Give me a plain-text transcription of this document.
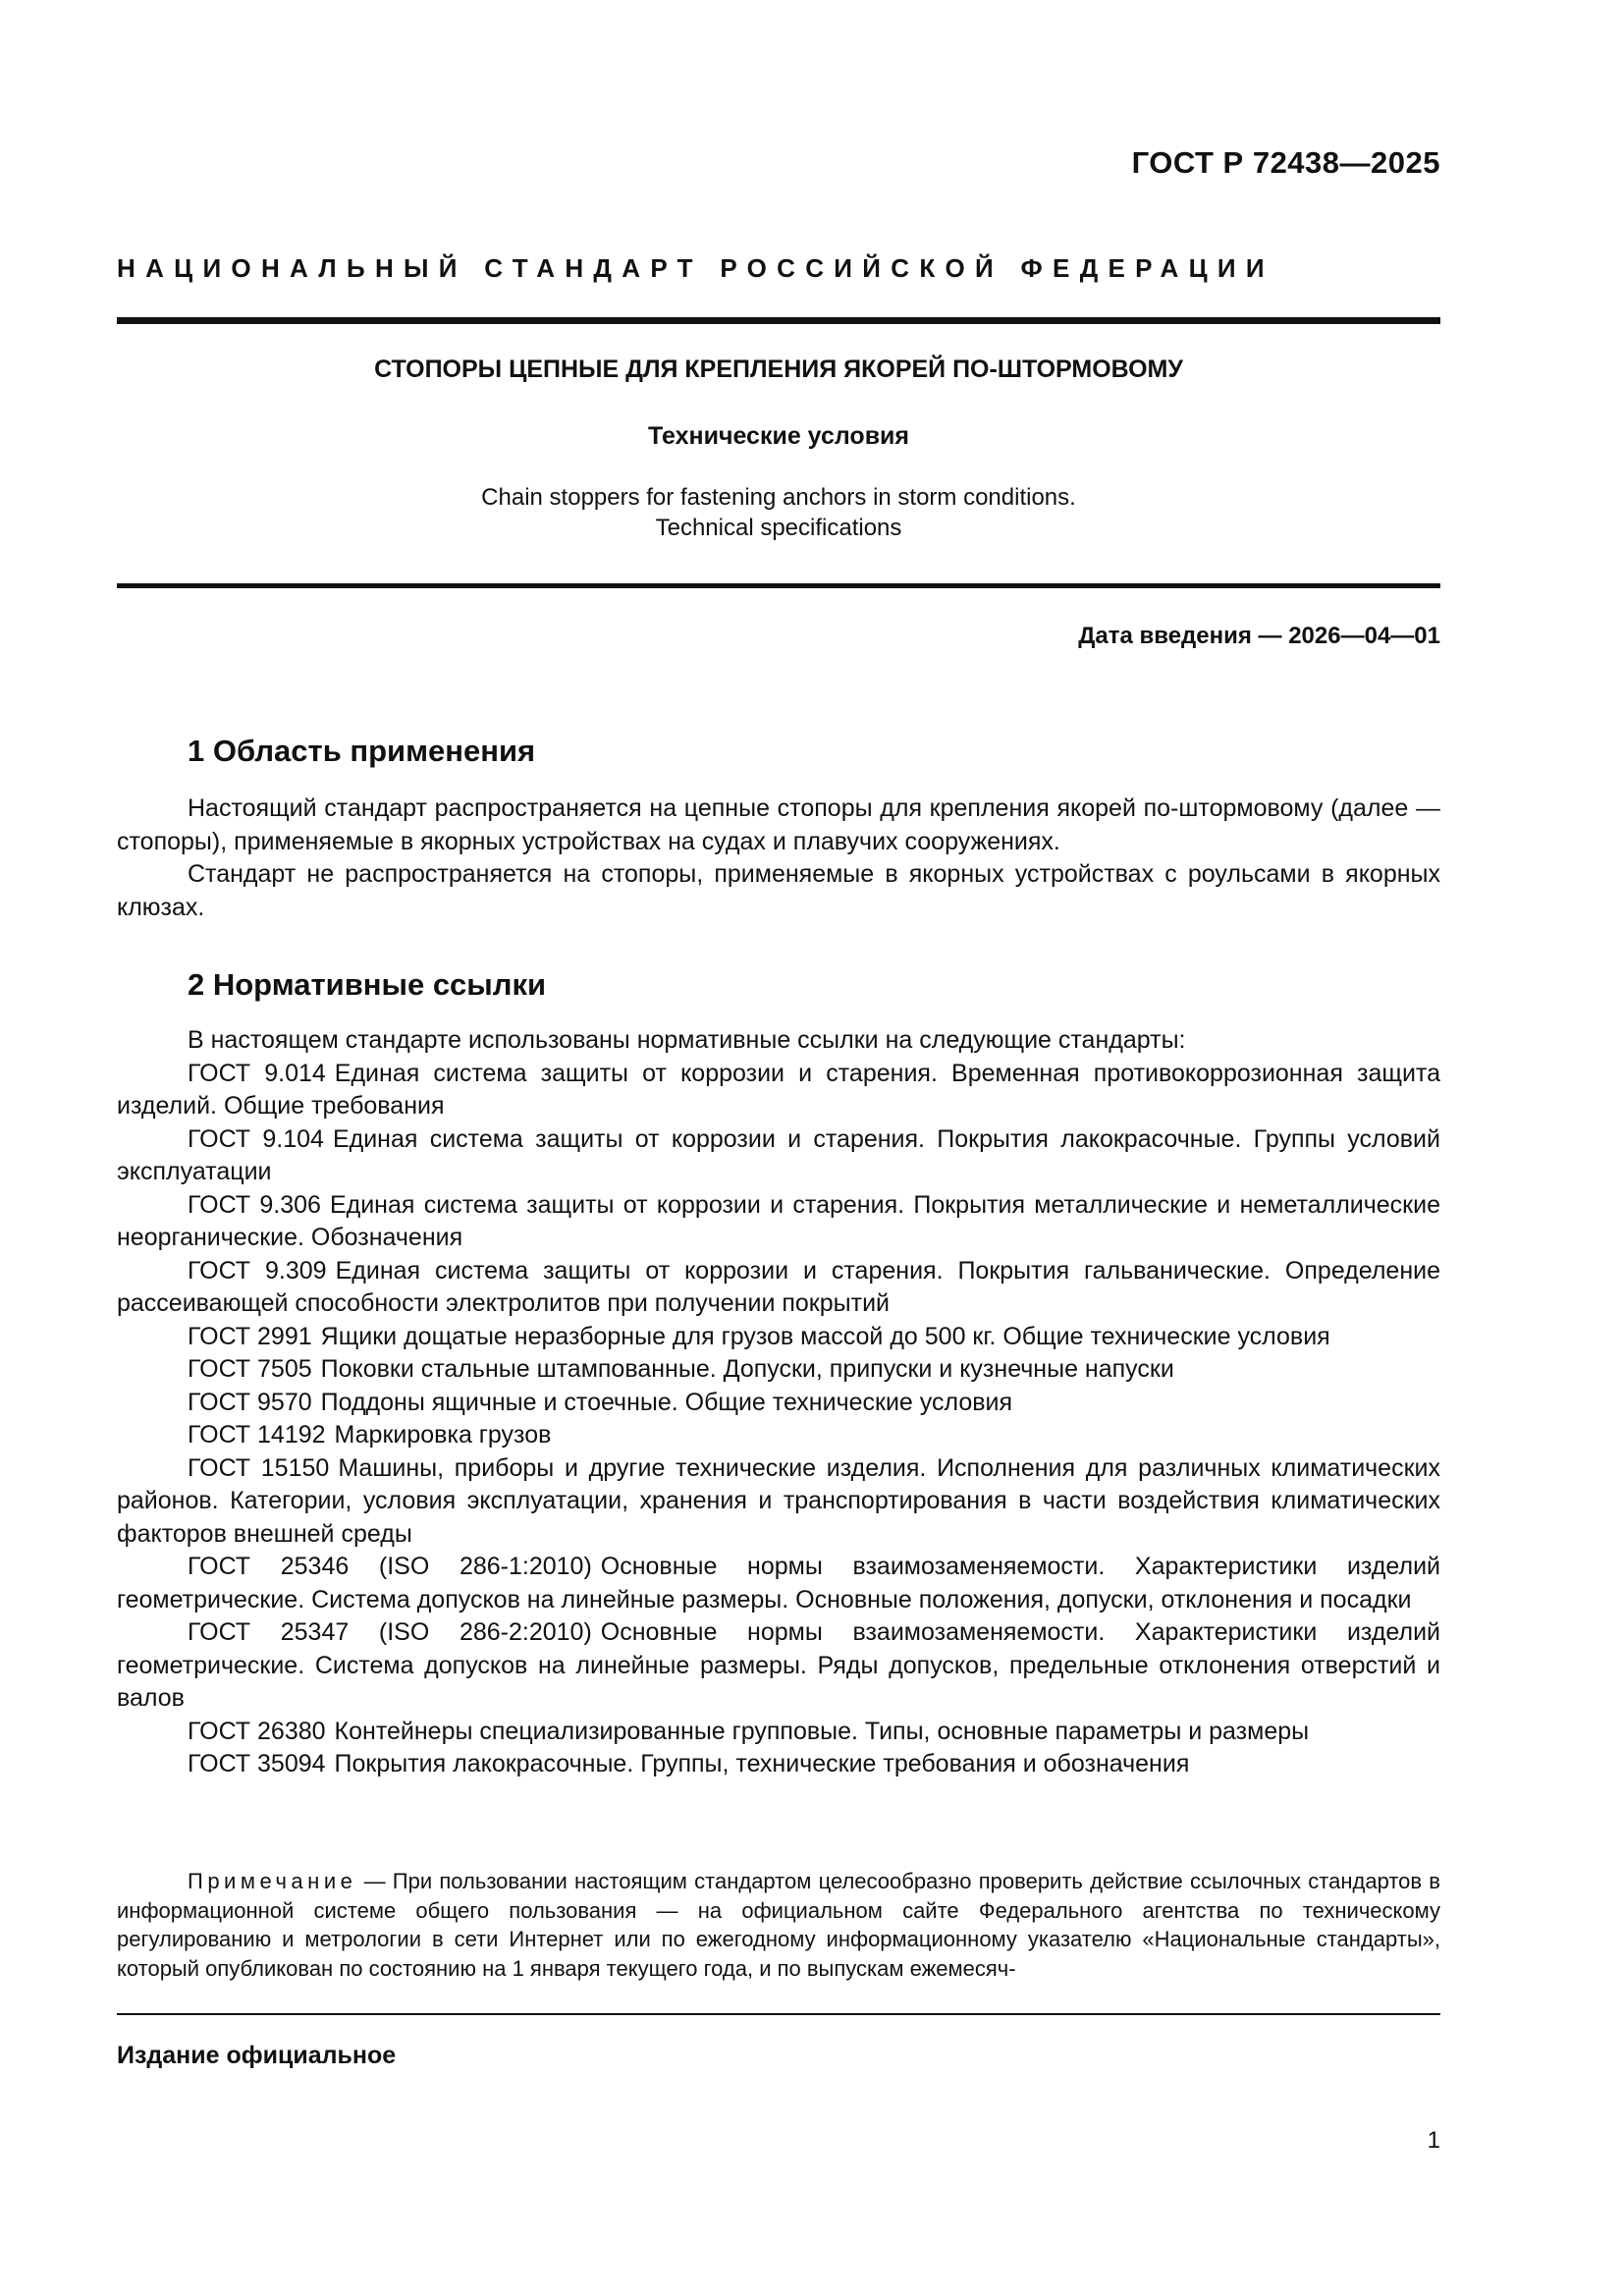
ГОСТ Р 72438—2025
НАЦИОНАЛЬНЫЙ СТАНДАРТ РОССИЙСКОЙ ФЕДЕРАЦИИ
СТОПОРЫ ЦЕПНЫЕ ДЛЯ КРЕПЛЕНИЯ ЯКОРЕЙ ПО-ШТОРМОВОМУ
Технические условия
Chain stoppers for fastening anchors in storm conditions.
Technical specifications
Дата введения — 2026—04—01
1 Область применения

Настоящий стандарт распространяется на цепные стопоры для крепления якорей по-штормовому (далее — стопоры), применяемые в якорных устройствах на судах и плавучих сооружениях.

Стандарт не распространяется на стопоры, применяемые в якорных устройствах с роульсами в якорных клюзах.

2 Нормативные ссылки

В настоящем стандарте использованы нормативные ссылки на следующие стандарты:

ГОСТ 9.014 Единая система защиты от коррозии и старения. Временная противокоррозионная защита изделий. Общие требования

ГОСТ 9.104 Единая система защиты от коррозии и старения. Покрытия лакокрасочные. Группы условий эксплуатации

ГОСТ 9.306 Единая система защиты от коррозии и старения. Покрытия металлические и неметаллические неорганические. Обозначения

ГОСТ 9.309 Единая система защиты от коррозии и старения. Покрытия гальванические. Определение рассеивающей способности электролитов при получении покрытий

ГОСТ 2991 Ящики дощатые неразборные для грузов массой до 500 кг. Общие технические условия

ГОСТ 7505 Поковки стальные штампованные. Допуски, припуски и кузнечные напуски

ГОСТ 9570 Поддоны ящичные и стоечные. Общие технические условия

ГОСТ 14192 Маркировка грузов

ГОСТ 15150 Машины, приборы и другие технические изделия. Исполнения для различных климатических районов. Категории, условия эксплуатации, хранения и транспортирования в части воздействия климатических факторов внешней среды

ГОСТ 25346 (ISO 286-1:2010) Основные нормы взаимозаменяемости. Характеристики изделий геометрические. Система допусков на линейные размеры. Основные положения, допуски, отклонения и посадки

ГОСТ 25347 (ISO 286-2:2010) Основные нормы взаимозаменяемости. Характеристики изделий геометрические. Система допусков на линейные размеры. Ряды допусков, предельные отклонения отверстий и валов

ГОСТ 26380 Контейнеры специализированные групповые. Типы, основные параметры и размеры

ГОСТ 35094 Покрытия лакокрасочные. Группы, технические требования и обозначения

Примечание — При пользовании настоящим стандартом целесообразно проверить действие ссылочных стандартов в информационной системе общего пользования — на официальном сайте Федерального агентства по техническому регулированию и метрологии в сети Интернет или по ежегодному информационному указателю «Национальные стандарты», который опубликован по состоянию на 1 января текущего года, и по выпускам ежемесяч-
Издание официальное
1
